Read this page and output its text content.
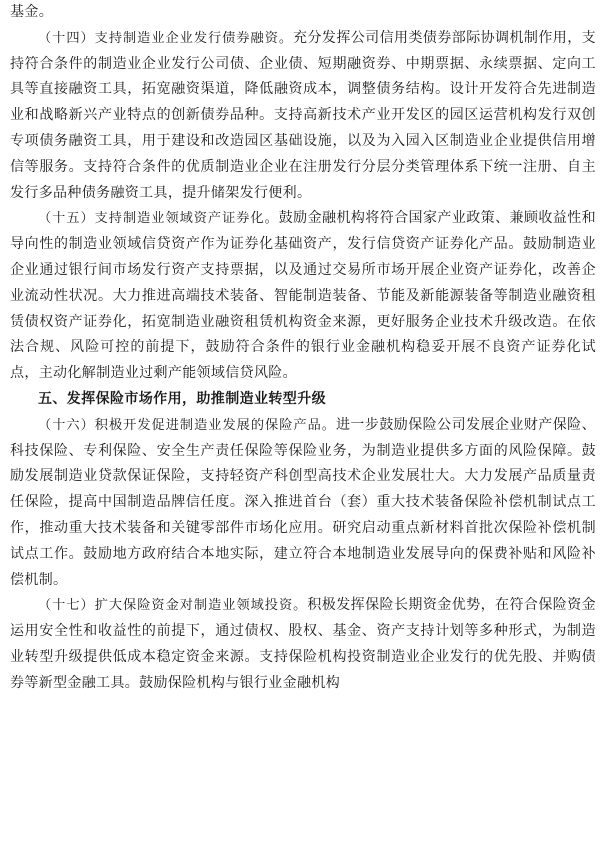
基金。

（十四）支持制造业企业发行债券融资。充分发挥公司信用类债券部际协调机制作用，支持符合条件的制造业企业发行公司债、企业债、短期融资券、中期票据、永续票据、定向工具等直接融资工具，拓宽融资渠道，降低融资成本，调整债务结构。设计开发符合先进制造业和战略新兴产业特点的创新债券品种。支持高新技术产业开发区的园区运营机构发行双创专项债务融资工具，用于建设和改造园区基础设施，以及为入园入区制造业企业提供信用增信等服务。支持符合条件的优质制造业企业在注册发行分层分类管理体系下统一注册、自主发行多品种债务融资工具，提升储架发行便利。

（十五）支持制造业领域资产证券化。鼓励金融机构将符合国家产业政策、兼顾收益性和导向性的制造业领域信贷资产作为证券化基础资产，发行信贷资产证券化产品。鼓励制造业企业通过银行间市场发行资产支持票据，以及通过交易所市场开展企业资产证券化，改善企业流动性状况。大力推进高端技术装备、智能制造装备、节能及新能源装备等制造业融资租赁债权资产证券化，拓宽制造业融资租赁机构资金来源，更好服务企业技术升级改造。在依法合规、风险可控的前提下，鼓励符合条件的银行业金融机构稳妥开展不良资产证券化试点，主动化解制造业过剩产能领域信贷风险。

五、发挥保险市场作用，助推制造业转型升级

（十六）积极开发促进制造业发展的保险产品。进一步鼓励保险公司发展企业财产保险、科技保险、专利保险、安全生产责任保险等保险业务，为制造业提供多方面的风险保障。鼓励发展制造业贷款保证保险，支持轻资产科创型高技术企业发展壮大。大力发展产品质量责任保险，提高中国制造品牌信任度。深入推进首台（套）重大技术装备保险补偿机制试点工作，推动重大技术装备和关键零部件市场化应用。研究启动重点新材料首批次保险补偿机制试点工作。鼓励地方政府结合本地实际，建立符合本地制造业发展导向的保费补贴和风险补偿机制。

（十七）扩大保险资金对制造业领域投资。积极发挥保险长期资金优势，在符合保险资金运用安全性和收益性的前提下，通过债权、股权、基金、资产支持计划等多种形式，为制造业转型升级提供低成本稳定资金来源。支持保险机构投资制造业企业发行的优先股、并购债券等新型金融工具。鼓励保险机构与银行业金融机构
